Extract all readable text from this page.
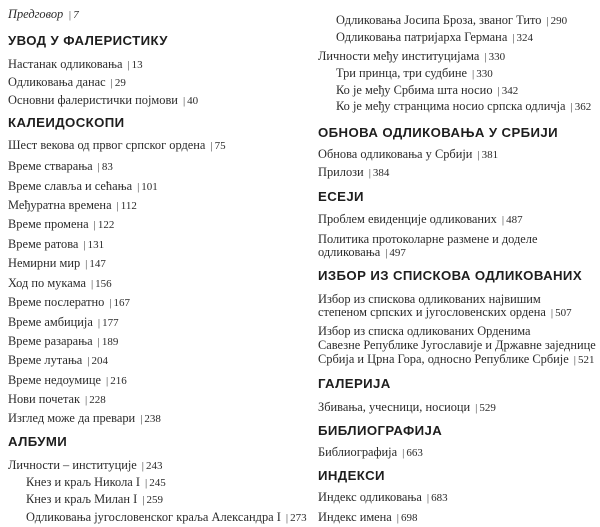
Предговор | 7
УВОД У ФАЛЕРИСТИКУ
Настанак одликовања | 13
Одликовања данас | 29
Основни фалеристички појмови | 40
КАЛЕИДОСКОПИ
Шест векова од првог српског ордена | 75
Време стварања | 83
Време славља и сећања | 101
Међуратна времена | 112
Време промена | 122
Време ратова | 131
Немирни мир | 147
Ход по мукама | 156
Време послератно | 167
Време амбиција | 177
Време разарања | 189
Време лутања | 204
Време недоумице | 216
Нови почетак | 228
Изглед може да превари | 238
АЛБУМИ
Личности – институције | 243
Кнез и краљ Никола I | 245
Кнез и краљ Милан I | 259
Одликовања југословенског краља Александра I | 273
Одликовања Јосипа Броза, званог Тито | 290
Одликовања патријарха Германа | 324
Личности међу институцијама | 330
Три принца, три судбине | 330
Ко је међу Србима шта носио | 342
Ко је међу странцима носио српска одличја | 362
ОБНОВА ОДЛИКОВАЊА У СРБИЈИ
Обнова одликовања у Србији | 381
Прилози | 384
ЕСЕЈИ
Проблем евиденције одликованих | 487
Политика протоколарне размене и доделе
одликовања | 497
ИЗБОР ИЗ СПИСКОВА ОДЛИКОВАНИХ
Избор из спискова одликованих највишим
степеном српских и југословенских ордена | 507
Избор из списка одликованих Орденима
Савезне Републике Југославије и Државне заједнице
Србија и Црна Гора, односно Републике Србије | 521
ГАЛЕРИЈА
Збивања, учесници, носиоци | 529
БИБЛИОГРАФИЈА
Библиографија | 663
ИНДЕКСИ
Индекс одликовања | 683
Индекс имена | 698
